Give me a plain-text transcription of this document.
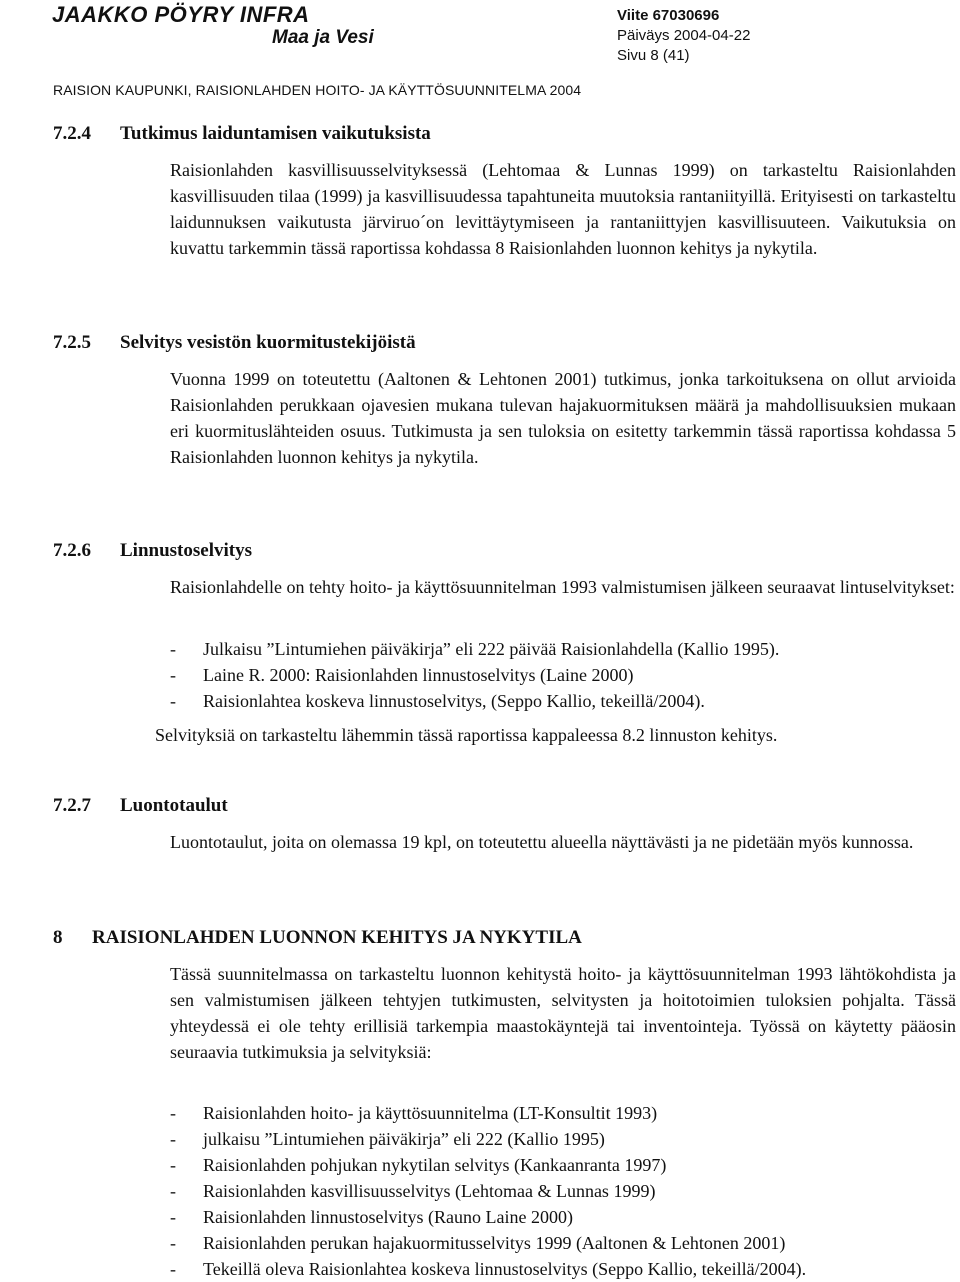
JAAKKO PÖYRY INFRA
Maa ja Vesi
Viite 67030696
Päiväys 2004-04-22
Sivu 8 (41)
RAISION KAUPUNKI, RAISIONLAHDEN HOITO- JA KÄYTTÖSUUNNITELMA 2004
7.2.4 Tutkimus laiduntamisen vaikutuksista

Raisionlahden kasvillisuusselvityksessä (Lehtomaa & Lunnas 1999) on tarkasteltu Raisionlahden kasvillisuuden tilaa (1999) ja kasvillisuudessa tapahtuneita muutoksia rantaniityillä. Erityisesti on tarkasteltu laidunnuksen vaikutusta järviruo´on levittäytymiseen ja rantaniittyjen kasvillisuuteen. Vaikutuksia on kuvattu tarkemmin tässä raportissa kohdassa 8 Raisionlahden luonnon kehitys ja nykytila.

7.2.5 Selvitys vesistön kuormitustekijöistä

Vuonna 1999 on toteutettu (Aaltonen & Lehtonen 2001) tutkimus, jonka tarkoituksena on ollut arvioida Raisionlahden perukkaan ojavesien mukana tulevan hajakuormituksen määrä ja mahdollisuuksien mukaan eri kuormituslähteiden osuus. Tutkimusta ja sen tuloksia on esitetty tarkemmin tässä raportissa kohdassa 5 Raisionlahden luonnon kehitys ja nykytila.

7.2.6 Linnustoselvitys

Raisionlahdelle on tehty hoito- ja käyttösuunnitelman 1993 valmistumisen jälkeen seuraavat lintuselvitykset:

- Julkaisu ”Lintumiehen päiväkirja” eli 222 päivää Raisionlahdella (Kallio 1995).
- Laine R. 2000: Raisionlahden linnustoselvitys (Laine 2000)
- Raisionlahtea koskeva linnustoselvitys, (Seppo Kallio, tekeillä/2004).

Selvityksiä on tarkasteltu lähemmin tässä raportissa kappaleessa 8.2 linnuston kehitys.

7.2.7 Luontotaulut

Luontotaulut, joita on olemassa 19 kpl, on toteutettu alueella näyttävästi ja ne pidetään myös kunnossa.

8 RAISIONLAHDEN LUONNON KEHITYS JA NYKYTILA

Tässä suunnitelmassa on tarkasteltu luonnon kehitystä hoito- ja käyttösuunnitelman 1993 lähtökohdista ja sen valmistumisen jälkeen tehtyjen tutkimusten, selvitysten ja hoitotoimien tuloksien pohjalta. Tässä yhteydessä ei ole tehty erillisiä tarkempia maastokäyntejä tai inventointeja. Työssä on käytetty pääosin seuraavia tutkimuksia ja selvityksiä:

- Raisionlahden hoito- ja käyttösuunnitelma (LT-Konsultit 1993)
- julkaisu ”Lintumiehen päiväkirja” eli 222 (Kallio 1995)
- Raisionlahden pohjukan nykytilan selvitys (Kankaanranta 1997)
- Raisionlahden kasvillisuusselvitys (Lehtomaa & Lunnas 1999)
- Raisionlahden linnustoselvitys (Rauno Laine 2000)
- Raisionlahden perukan hajakuormitusselvitys 1999 (Aaltonen & Lehtonen 2001)
- Tekeillä oleva Raisionlahtea koskeva linnustoselvitys (Seppo Kallio, tekeillä/2004).
